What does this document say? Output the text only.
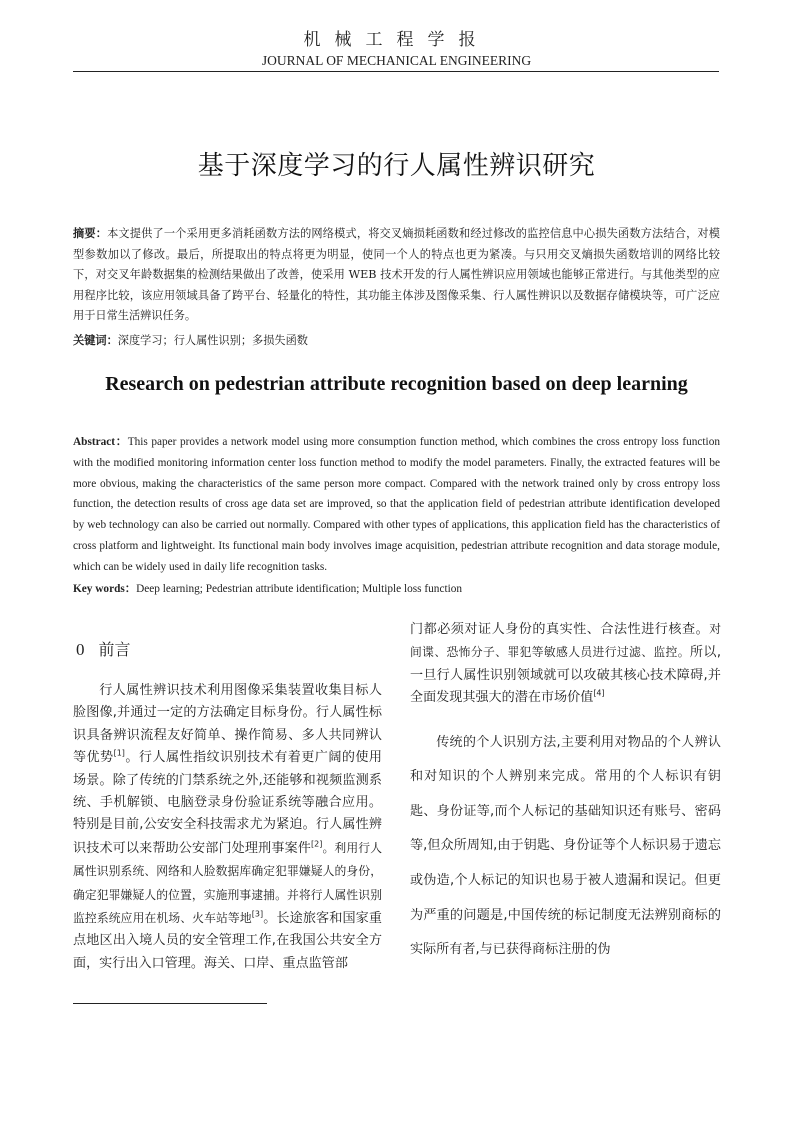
机械工程学报
JOURNAL OF MECHANICAL ENGINEERING
基于深度学习的行人属性辨识研究
摘要：本文提供了一个采用更多消耗函数方法的网络模式，将交叉熵损耗函数和经过修改的监控信息中心损失函数方法结合，对模型参数加以了修改。最后，所提取出的特点将更为明显，使同一个人的特点也更为紧凑。与只用交叉熵损失函数培训的网络比较下，对交叉年龄数据集的检测结果做出了改善，使采用 WEB 技术开发的行人属性辨识应用领域也能够正常进行。与其他类型的应用程序比较，该应用领域具备了跨平台、轻量化的特性，其功能主体涉及图像采集、行人属性辨识以及数据存储模块等，可广泛应用于日常生活辨识任务。
关键词：深度学习；行人属性识别；多损失函数
Research on pedestrian attribute recognition based on deep learning
Abstract：This paper provides a network model using more consumption function method, which combines the cross entropy loss function with the modified monitoring information center loss function method to modify the model parameters. Finally, the extracted features will be more obvious, making the characteristics of the same person more compact. Compared with the network trained only by cross entropy loss function, the detection results of cross age data set are improved, so that the application field of pedestrian attribute identification developed by web technology can also be carried out normally. Compared with other types of applications, this application field has the characteristics of cross platform and lightweight. Its functional main body involves image acquisition, pedestrian attribute recognition and data storage module, which can be widely used in daily life recognition tasks.
Key words：Deep learning; Pedestrian attribute identification; Multiple loss function
0 前言

行人属性辨识技术利用图像采集装置收集目标人脸图像,并通过一定的方法确定目标身份。行人属性标识具备辨识流程友好简单、操作简易、多人共同辨认等优势[1]。行人属性指纹识别技术有着更广阔的使用场景。除了传统的门禁系统之外,还能够和视频监测系统、手机解锁、电脑登录身份验证系统等融合应用。特别是目前,公安安全科技需求尤为紧迫。行人属性辨识技术可以来帮助公安部门处理刑事案件[2]。利用行人属性识别系统、网络和人脸数据库确定犯罪嫌疑人的身份，确定犯罪嫌疑人的位置，实施刑事逮捕。并将行人属性识别监控系统应用在机场、火车站等地[3]。长途旅客和国家重点地区出入境人员的安全管理工作,在我国公共安全方面，实行出入口管理。海关、口岸、重点监管部

门都必须对证人身份的真实性、合法性进行核查。对间谍、恐怖分子、罪犯等敏感人员进行过滤、监控。所以,一旦行人属性识别领域就可以攻破其核心技术障碍,并全面发现其强大的潜在市场价值[4]

传统的个人识别方法,主要利用对物品的个人辨认和对知识的个人辨别来完成。常用的个人标识有钥匙、身份证等,而个人标记的基础知识还有账号、密码等,但众所周知,由于钥匙、身份证等个人标识易于遗忘或伪造,个人标记的知识也易于被人遗漏和误记。但更为严重的问题是,中国传统的标记制度无法辨别商标的实际所有者,与已获得商标注册的伪
